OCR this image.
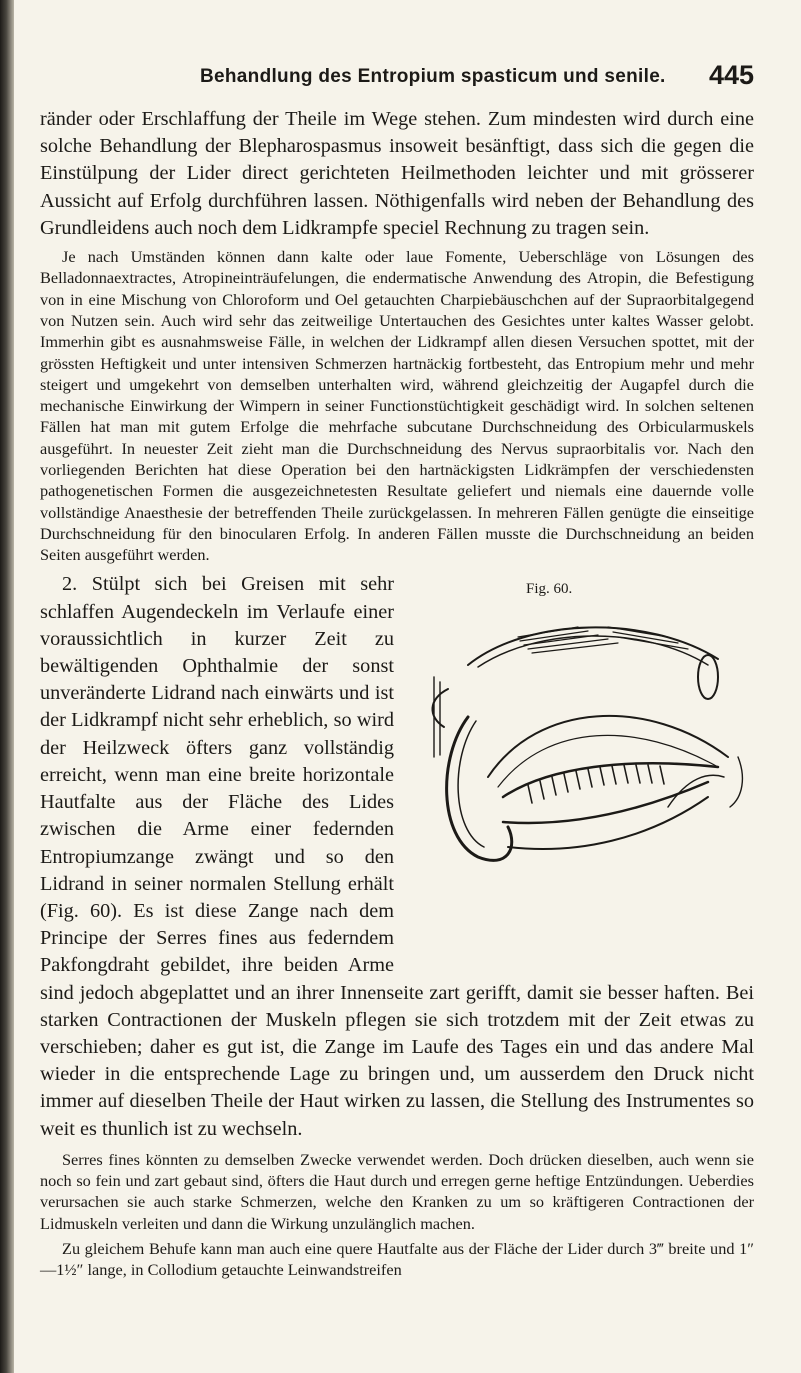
Behandlung des Entropium spasticum und senile. 445

ränder oder Erschlaffung der Theile im Wege stehen. Zum mindesten wird durch eine solche Behandlung der Blepharospasmus insoweit besänftigt, dass sich die gegen die Einstülpung der Lider direct gerichteten Heilmethoden leichter und mit grösserer Aussicht auf Erfolg durchführen lassen. Nöthigenfalls wird neben der Behandlung des Grundleidens auch noch dem Lidkrampfe speciel Rechnung zu tragen sein.

Je nach Umständen können dann kalte oder laue Fomente, Ueberschläge von Lösungen des Belladonnaextractes, Atropineinträufelungen, die endermatische Anwendung des Atropin, die Befestigung von in eine Mischung von Chloroform und Oel getauchten Charpiebäuschchen auf der Supraorbitalgegend von Nutzen sein. Auch wird sehr das zeitweilige Untertauchen des Gesichtes unter kaltes Wasser gelobt. Immerhin gibt es ausnahmsweise Fälle, in welchen der Lidkrampf allen diesen Versuchen spottet, mit der grössten Heftigkeit und unter intensiven Schmerzen hartnäckig fortbesteht, das Entropium mehr und mehr steigert und umgekehrt von demselben unterhalten wird, während gleichzeitig der Augapfel durch die mechanische Einwirkung der Wimpern in seiner Functionstüchtigkeit geschädigt wird. In solchen seltenen Fällen hat man mit gutem Erfolge die mehrfache subcutane Durchschneidung des Orbicularmuskels ausgeführt. In neuester Zeit zieht man die Durchschneidung des Nervus supraorbitalis vor. Nach den vorliegenden Berichten hat diese Operation bei den hartnäckigsten Lidkrämpfen der verschiedensten pathogenetischen Formen die ausgezeichnetesten Resultate geliefert und niemals eine dauernde volle vollständige Anaesthesie der betreffenden Theile zurückgelassen. In mehreren Fällen genügte die einseitige Durchschneidung für den binocularen Erfolg. In anderen Fällen musste die Durchschneidung an beiden Seiten ausgeführt werden.

Fig. 60.

2. Stülpt sich bei Greisen mit sehr schlaffen Augendeckeln im Verlaufe einer voraussichtlich in kurzer Zeit zu bewältigenden Ophthalmie der sonst unveränderte Lidrand nach einwärts und ist der Lidkrampf nicht sehr erheblich, so wird der Heilzweck öfters ganz vollständig erreicht, wenn man eine breite horizontale Hautfalte aus der Fläche des Lides zwischen die Arme einer federnden Entropiumzange zwängt und so den Lidrand in seiner normalen Stellung erhält (Fig. 60). Es ist diese Zange nach dem Principe der Serres fines aus federndem Pakfongdraht gebildet, ihre beiden Arme sind jedoch abgeplattet und an ihrer Innenseite zart gerifft, damit sie besser haften. Bei starken Contractionen der Muskeln pflegen sie sich trotzdem mit der Zeit etwas zu verschieben; daher es gut ist, die Zange im Laufe des Tages ein und das andere Mal wieder in die entsprechende Lage zu bringen und, um ausserdem den Druck nicht immer auf dieselben Theile der Haut wirken zu lassen, die Stellung des Instrumentes so weit es thunlich ist zu wechseln.

Serres fines könnten zu demselben Zwecke verwendet werden. Doch drücken dieselben, auch wenn sie noch so fein und zart gebaut sind, öfters die Haut durch und erregen gerne heftige Entzündungen. Ueberdies verursachen sie auch starke Schmerzen, welche den Kranken zu um so kräftigeren Contractionen der Lidmuskeln verleiten und dann die Wirkung unzulänglich machen.

Zu gleichem Behufe kann man auch eine quere Hautfalte aus der Fläche der Lider durch 3‴ breite und 1″—1½″ lange, in Collodium getauchte Leinwandstreifen
